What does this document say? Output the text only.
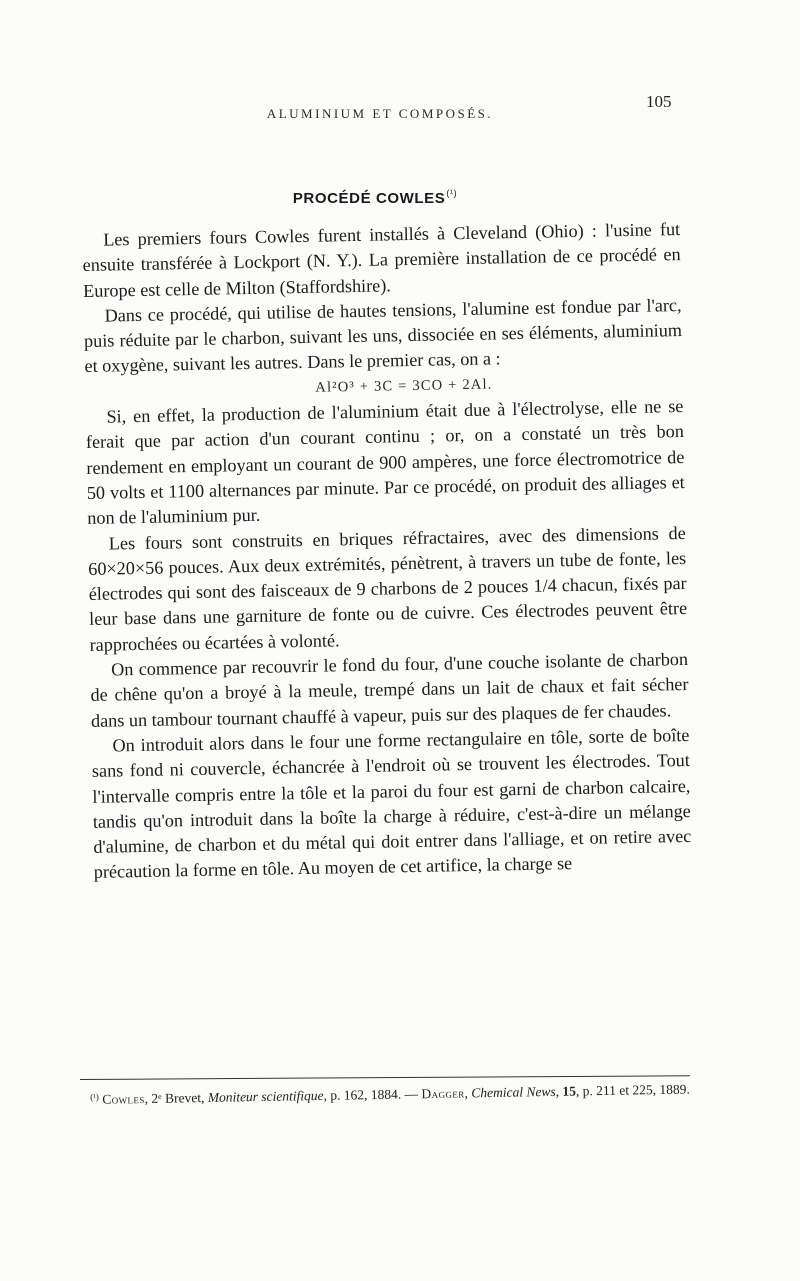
ALUMINIUM ET COMPOSÉS.
105
PROCÉDÉ $COWLES^{(^1)}$

Les premiers fours Cowles furent installés à Cleveland (Ohio) : l'usine fut ensuite transférée à Lockport (N. Y.). La première installation de ce procédé en Europe est celle de Milton (Staffordshire).

Dans ce procédé, qui utilise de hautes tensions, l'alumine est fondue par l'arc, puis réduite par le charbon, suivant les uns, dissociée en ses éléments, aluminium et oxygène, suivant les autres. Dans le premier cas, on a :

Al²O³ + 3C = 3CO + 2Al.

Si, en effet, la production de l'aluminium était due à l'électrolyse, elle ne se ferait que par action d'un courant continu ; or, on a constaté un très bon rendement en employant un courant de 900 ampères, une force électromotrice de 50 volts et 1100 alternances par minute. Par ce procédé, on produit des alliages et non de l'aluminium pur.

Les fours sont construits en briques réfractaires, avec des dimensions de 60×20×56 pouces. Aux deux extrémités, pénètrent, à travers un tube de fonte, les électrodes qui sont des faisceaux de 9 charbons de 2 pouces 1/4 chacun, fixés par leur base dans une garniture de fonte ou de cuivre. Ces électrodes peuvent être rapprochées ou écartées à volonté.

On commence par recouvrir le fond du four, d'une couche isolante de charbon de chêne qu'on a broyé à la meule, trempé dans un lait de chaux et fait sécher dans un tambour tournant chauffé à vapeur, puis sur des plaques de fer chaudes.

On introduit alors dans le four une forme rectangulaire en tôle, sorte de boîte sans fond ni couvercle, échancrée à l'endroit où se trouvent les électrodes. Tout l'intervalle compris entre la tôle et la paroi du four est garni de charbon calcaire, tandis qu'on introduit dans la boîte la charge à réduire, c'est-à-dire un mélange d'alumine, de charbon et du métal qui doit entrer dans l'alliage, et on retire avec précaution la forme en tôle. Au moyen de cet artifice, la charge se

$^{(^1)}$ Cowles, 2ᵉ Brevet, Moniteur scientifique, p. 162, 1884. — Dagger, Chemical News, 15, p. 211 et 225, 1889.
